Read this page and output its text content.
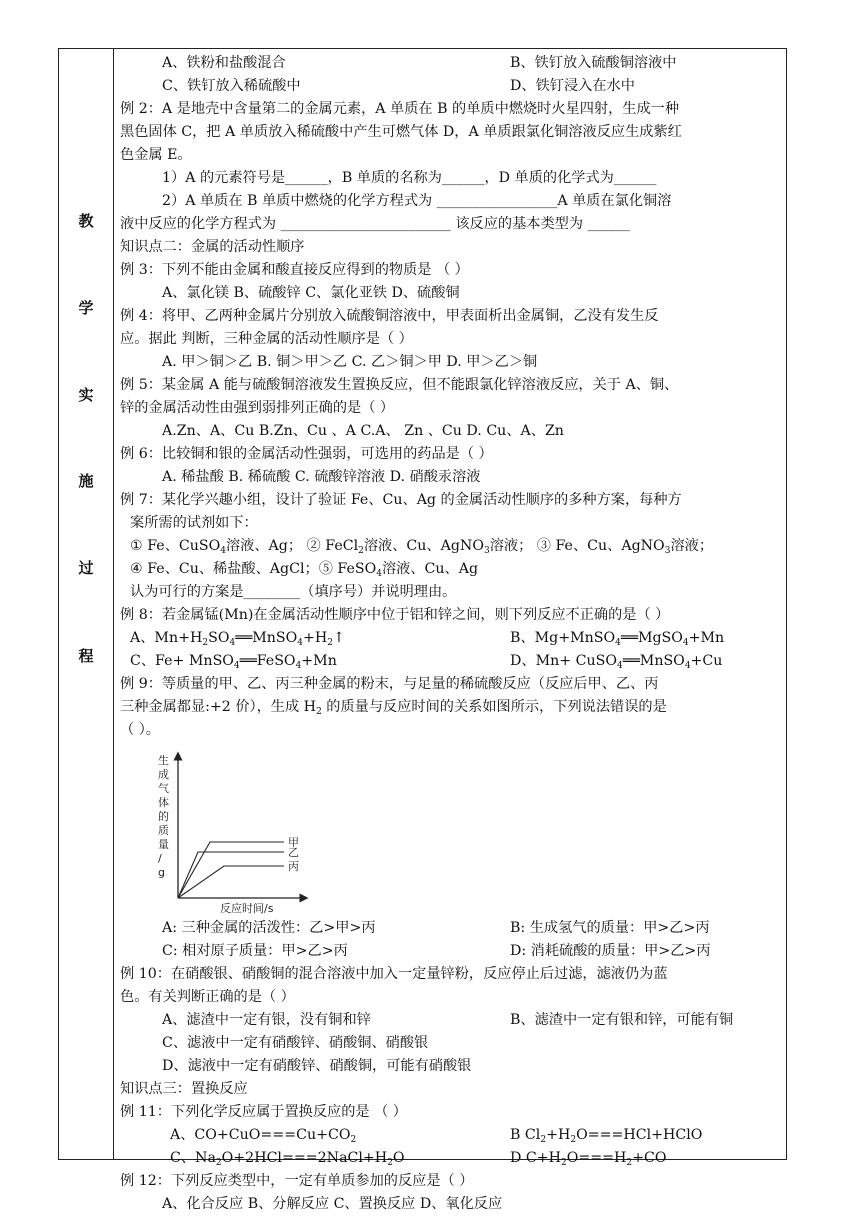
A、铁粉和盐酸混合	B、铁钉放入硫酸铜溶液中
C、铁钉放入稀硫酸中	D、铁钉浸入在水中
例 2：A 是地壳中含量第二的金属元素，A 单质在 B 的单质中燃烧时火星四射，生成一种
黑色固体 C，把 A 单质放入稀硫酸中产生可燃气体 D，A 单质跟氯化铜溶液反应生成紫红
色金属 E。
1）A 的元素符号是______，B 单质的名称为______，D 单质的化学式为______
2）A 单质在 B 单质中燃烧的化学方程式为 _________________A 单质在氯化铜溶
液中反应的化学方程式为 ________________________ 该反应的基本类型为 ______
知识点二：金属的活动性顺序
例 3：下列不能由金属和酸直接反应得到的物质是 （ ）
A、氯化镁 B、硫酸锌 C、氯化亚铁 D、硫酸铜
例 4：将甲、乙两种金属片分别放入硫酸铜溶液中，甲表面析出金属铜，乙没有发生反
应。据此 判断，三种金属的活动性顺序是（ ）
A. 甲＞铜＞乙 B. 铜＞甲＞乙 C. 乙＞铜＞甲 D. 甲＞乙＞铜
例 5：某金属 A 能与硫酸铜溶液发生置换反应，但不能跟氯化锌溶液反应，关于 A、铜、
锌的金属活动性由强到弱排列正确的是（ ）
A.Zn、A、Cu B.Zn、Cu 、A C.A、 Zn 、Cu D. Cu、A、Zn
例 6：比较铜和银的金属活动性强弱，可选用的药品是（ ）
A. 稀盐酸 B. 稀硫酸 C. 硫酸锌溶液 D. 硝酸汞溶液
例 7：某化学兴趣小组，设计了验证 Fe、Cu、Ag 的金属活动性顺序的多种方案，每种方
案所需的试剂如下：
① Fe、CuSO$_4$溶液、Ag； ② FeCl$_2$溶液、Cu、AgNO$_3$溶液； ③ Fe、Cu、AgNO$_3$溶液；
④ Fe、Cu、稀盐酸、AgCl；⑤ FeSO$_4$溶液、Cu、Ag
认为可行的方案是________（填序号）并说明理由。
例 8：若金属锰(Mn)在金属活动性顺序中位于铝和锌之间，则下列反应不正确的是（ ）
A、$Mn+H_2SO_4══MnSO_4+H_2↑$	B、Mg+MnSO$_4$══MgSO$_4$+Mn
C、Fe+ MnSO$_4$══FeSO$_4$+Mn	D、Mn+ CuSO$_4$══MnSO$_4$+Cu
例 9：等质量的甲、乙、丙三种金属的粉末，与足量的稀硫酸反应（反应后甲、乙、丙
三种金属都显:+2 价），生成 $H_2$ 的质量与反应时间的关系如图所示，下列说法错误的是
（ ）。
甲
乙
丙
生成气体的质量/ g
反应时间/s
A: 三种金属的活泼性：乙>甲>丙	B: 生成氢气的质量：甲>乙>丙
C: 相对原子质量：甲>乙>丙	D: 消耗硫酸的质量：甲>乙>丙
例 10：在硝酸银、硝酸铜的混合溶液中加入一定量锌粉，反应停止后过滤，滤液仍为蓝
色。有关判断正确的是（ ）
A、滤渣中一定有银，没有铜和锌	B、滤渣中一定有银和锌，可能有铜
C、滤液中一定有硝酸锌、硝酸铜、硝酸银
D、滤液中一定有硝酸锌、硝酸铜，可能有硝酸银
知识点三：置换反应
例 11：下列化学反应属于置换反应的是 （ ）
A、$CO+CuO===Cu+CO_2$	B $Cl_2+H_2O===HCl+HClO$
C、$Na_2O+2HCl===2NaCl+H_2O$	D $C+H_2O===H_2+CO$
例 12：下列反应类型中，一定有单质参加的反应是（ ）
A、化合反应 B、分解反应 C、置换反应 D、氧化反应
教
学
实
施
过
程
